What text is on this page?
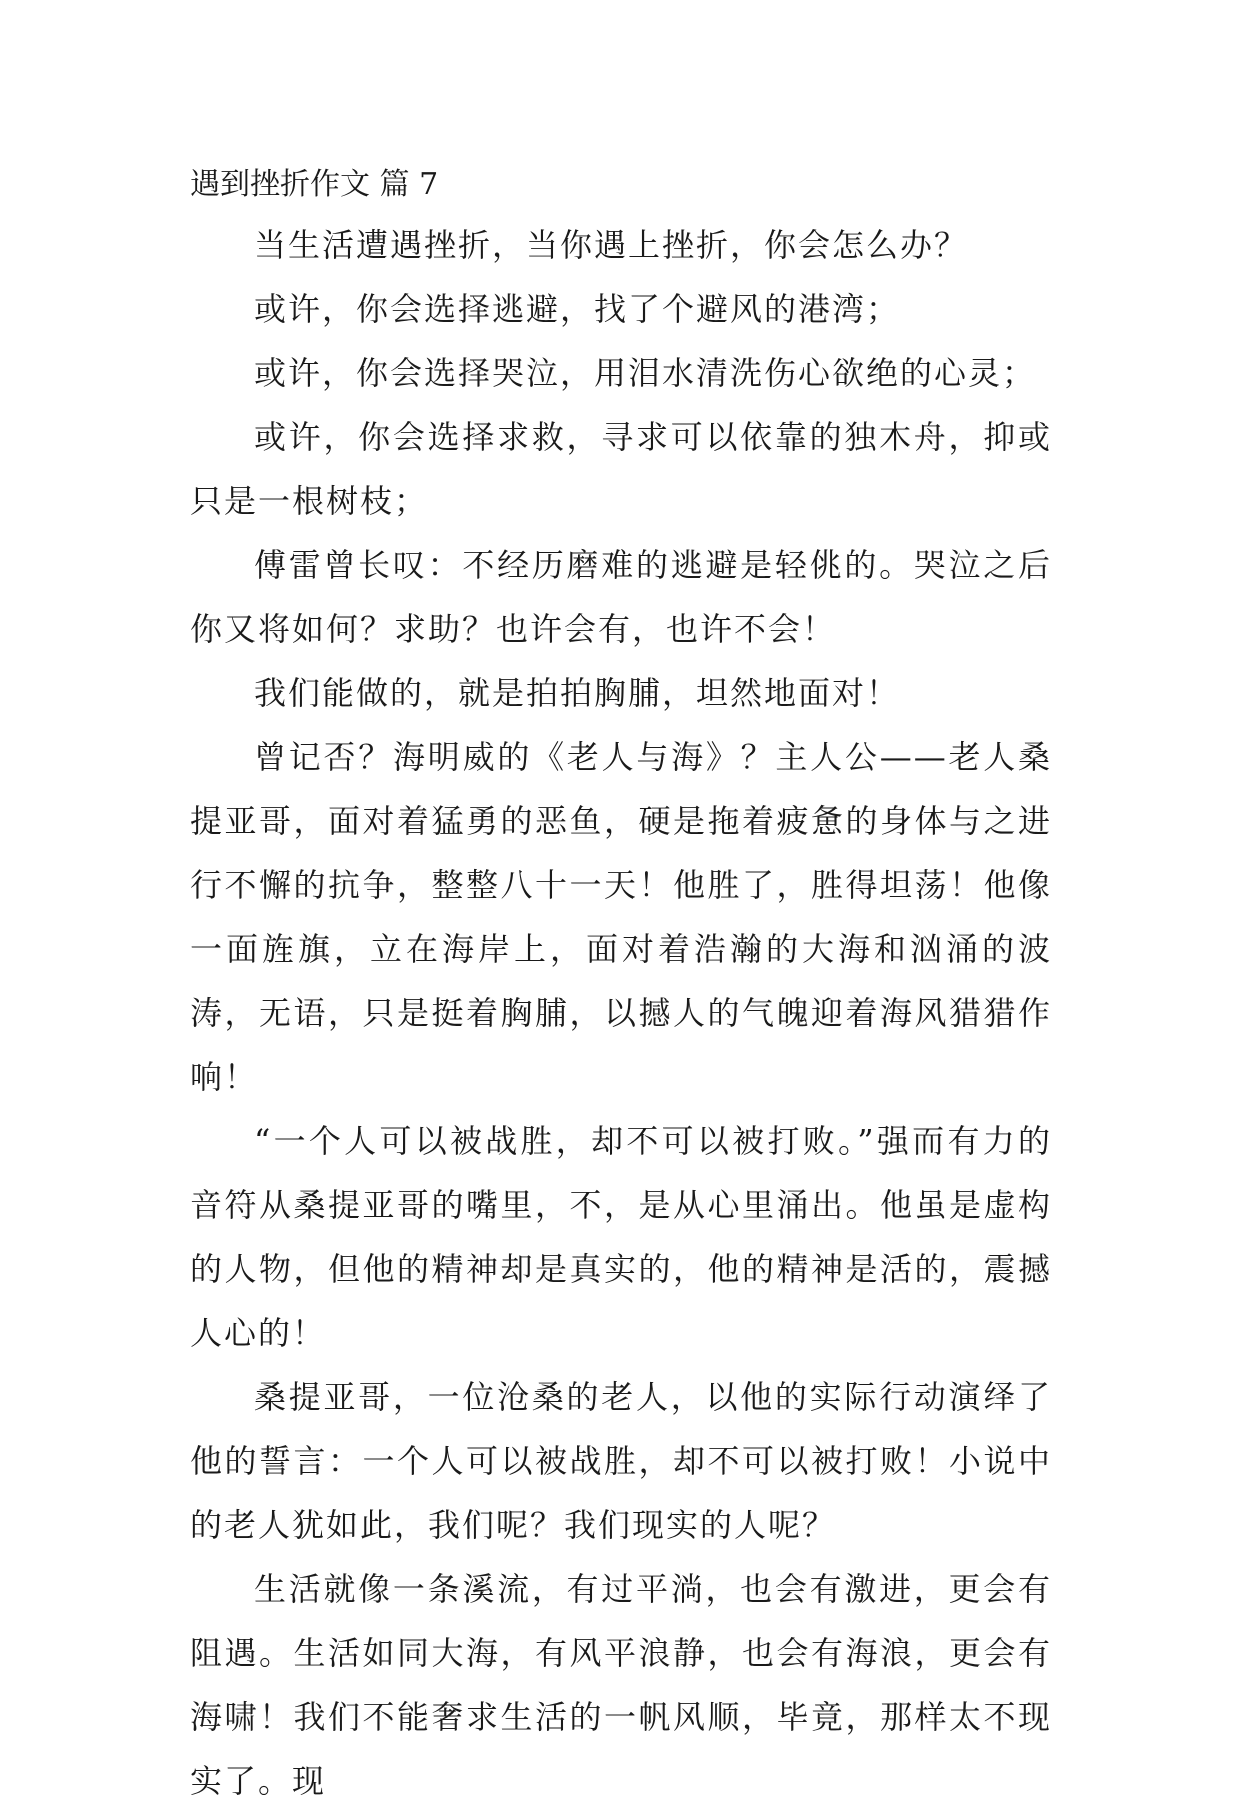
遇到挫折作文 篇 7

当生活遭遇挫折，当你遇上挫折，你会怎么办？

或许，你会选择逃避，找了个避风的港湾；

或许，你会选择哭泣，用泪水清洗伤心欲绝的心灵；

或许，你会选择求救，寻求可以依靠的独木舟，抑或只是一根树枝；

傅雷曾长叹：不经历磨难的逃避是轻佻的。哭泣之后你又将如何？求助？也许会有，也许不会！

我们能做的，就是拍拍胸脯，坦然地面对！

曾记否？海明威的《老人与海》？主人公——老人桑提亚哥，面对着猛勇的恶鱼，硬是拖着疲惫的身体与之进行不懈的抗争，整整八十一天！他胜了，胜得坦荡！他像一面旌旗，立在海岸上，面对着浩瀚的大海和汹涌的波涛，无语，只是挺着胸脯，以撼人的气魄迎着海风猎猎作响！

“一个人可以被战胜，却不可以被打败。”强而有力的音符从桑提亚哥的嘴里，不，是从心里涌出。他虽是虚构的人物，但他的精神却是真实的，他的精神是活的，震撼人心的！

桑提亚哥，一位沧桑的老人，以他的实际行动演绎了他的誓言：一个人可以被战胜，却不可以被打败！小说中的老人犹如此，我们呢？我们现实的人呢？

生活就像一条溪流，有过平淌，也会有激进，更会有阻遇。生活如同大海，有风平浪静，也会有海浪，更会有海啸！我们不能奢求生活的一帆风顺，毕竟，那样太不现实了。现
